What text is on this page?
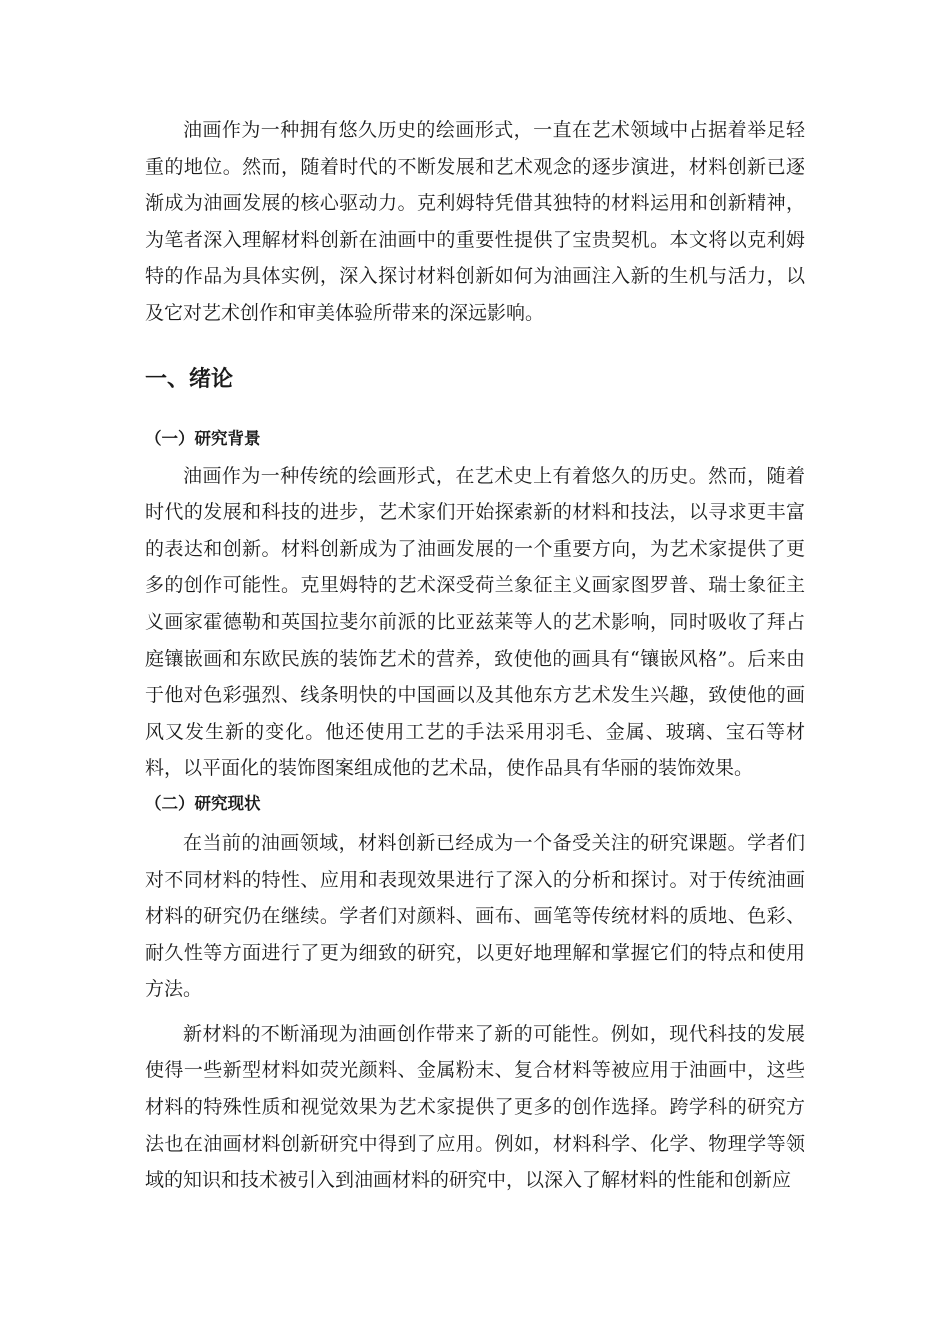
油画作为一种拥有悠久历史的绘画形式，一直在艺术领域中占据着举足轻重的地位。然而，随着时代的不断发展和艺术观念的逐步演进，材料创新已逐渐成为油画发展的核心驱动力。克利姆特凭借其独特的材料运用和创新精神，为笔者深入理解材料创新在油画中的重要性提供了宝贵契机。本文将以克利姆特的作品为具体实例，深入探讨材料创新如何为油画注入新的生机与活力，以及它对艺术创作和审美体验所带来的深远影响。

一、绪论
（一）研究背景

油画作为一种传统的绘画形式，在艺术史上有着悠久的历史。然而，随着时代的发展和科技的进步，艺术家们开始探索新的材料和技法，以寻求更丰富的表达和创新。材料创新成为了油画发展的一个重要方向，为艺术家提供了更多的创作可能性。克里姆特的艺术深受荷兰象征主义画家图罗普、瑞士象征主义画家霍德勒和英国拉斐尔前派的比亚兹莱等人的艺术影响，同时吸收了拜占庭镶嵌画和东欧民族的装饰艺术的营养，致使他的画具有“镶嵌风格”。后来由于他对色彩强烈、线条明快的中国画以及其他东方艺术发生兴趣，致使他的画风又发生新的变化。他还使用工艺的手法采用羽毛、金属、玻璃、宝石等材料，以平面化的装饰图案组成他的艺术品，使作品具有华丽的装饰效果。

（二）研究现状

在当前的油画领域，材料创新已经成为一个备受关注的研究课题。学者们对不同材料的特性、应用和表现效果进行了深入的分析和探讨。对于传统油画材料的研究仍在继续。学者们对颜料、画布、画笔等传统材料的质地、色彩、耐久性等方面进行了更为细致的研究，以更好地理解和掌握它们的特点和使用方法。

新材料的不断涌现为油画创作带来了新的可能性。例如，现代科技的发展使得一些新型材料如荧光颜料、金属粉末、复合材料等被应用于油画中，这些材料的特殊性质和视觉效果为艺术家提供了更多的创作选择。跨学科的研究方法也在油画材料创新研究中得到了应用。例如，材料科学、化学、物理学等领域的知识和技术被引入到油画材料的研究中，以深入了解材料的性能和创新应
